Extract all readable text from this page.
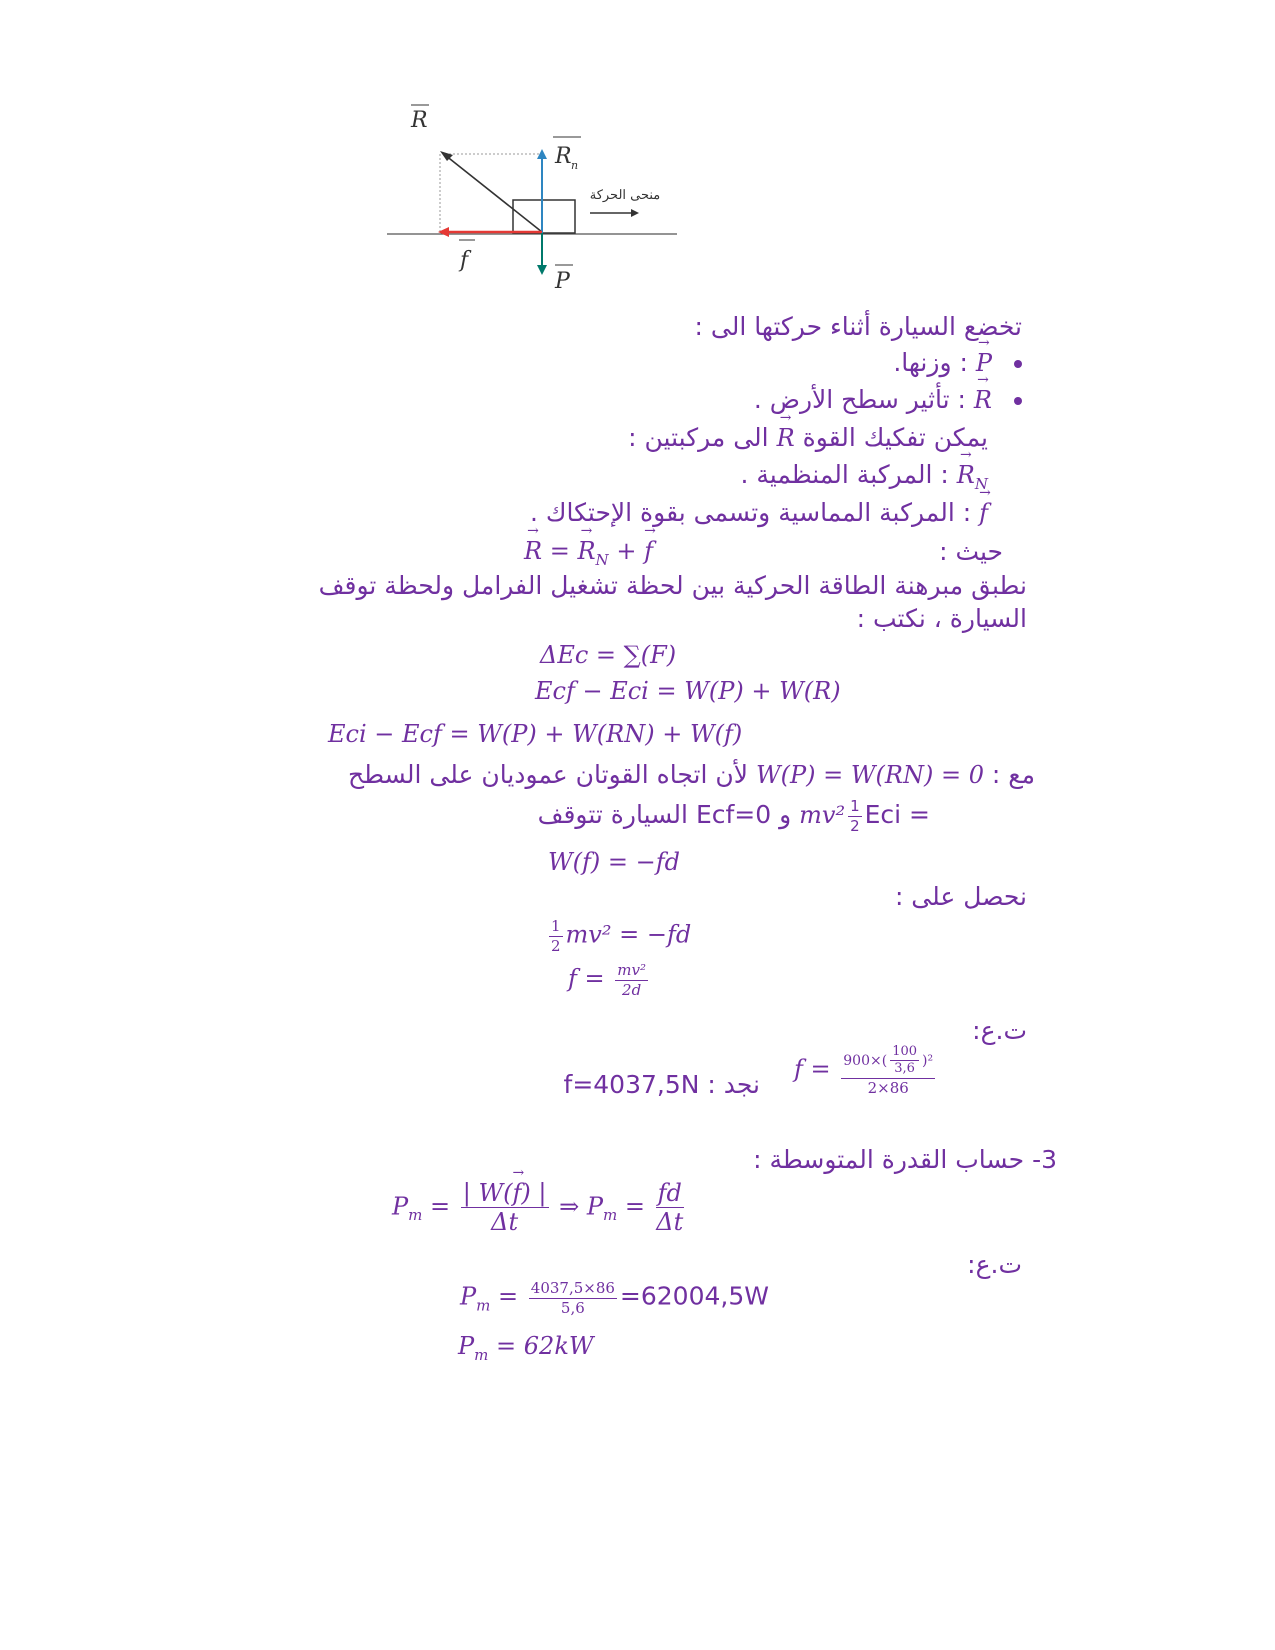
R
R n
f
P
منحى الحركة
تخضع السيارة أثناء حركتها الى :
→ P : وزنها.
→ R : تأثير سطح الأرض .
يمكن تفكيك القوة → R الى مركبتين :
→ $R_N$ : المركبة المنظمية .
→ f : المركبة المماسية وتسمى بقوة الإحتكاك .
حيث :
→ R = → $R_N$ + → f
نطبق مبرهنة الطاقة الحركية بين لحظة تشغيل الفرامل ولحظة توقف
السيارة ، نكتب :
ΔEc = ∑(F)
Ecf − Eci = W(P) + W(R)
Eci − Ecf = W(P) + W(RN) + W(f)
مع : W(P) = W(RN) = 0 لأن اتجاه القوتان عموديان على السطح
Eci =
$\frac{1}{2}$
mv² و Ecf=0 السيارة تتوقف
W(f) = −fd
نحصل على :
$\frac{1}{2} mv^2 = -fd$
$f = \frac{\text{mv²}}{2d}$
ت.ع:
$f = \frac{900\times( \frac{100}{3,6} )^2}{2\times 86}$
نجد : f=4037,5N
3- حساب القدرة المتوسطة :
$P_m = \frac{| W(\to f) |}{\Delta t}$ ⇒ $P_m = \frac{fd}{\Delta t}$
ت.ع:
$P_m = \frac{4037,5\times 86}{5,6} =62004,5W$
$P_m = 62kW$
